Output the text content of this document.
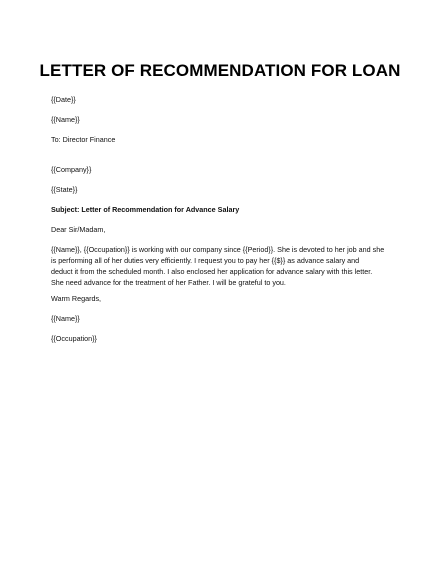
LETTER OF RECOMMENDATION FOR LOAN
{{Date}}
{{Name}}
To: Director Finance
{{Company}}
{{State}}
Subject: Letter of Recommendation for Advance Salary
Dear Sir/Madam,
{{Name}}, {{Occupation}} is working with our company since {{Period}}. She is devoted to her job and she
is performing all of her duties very efficiently. I request you to pay her {{$}} as advance salary and
deduct it from the scheduled month. I also enclosed her application for advance salary with this letter.
She need advance for the treatment of her Father. I will be grateful to you.
Warm Regards,
{{Name}}
{{Occupation}}
